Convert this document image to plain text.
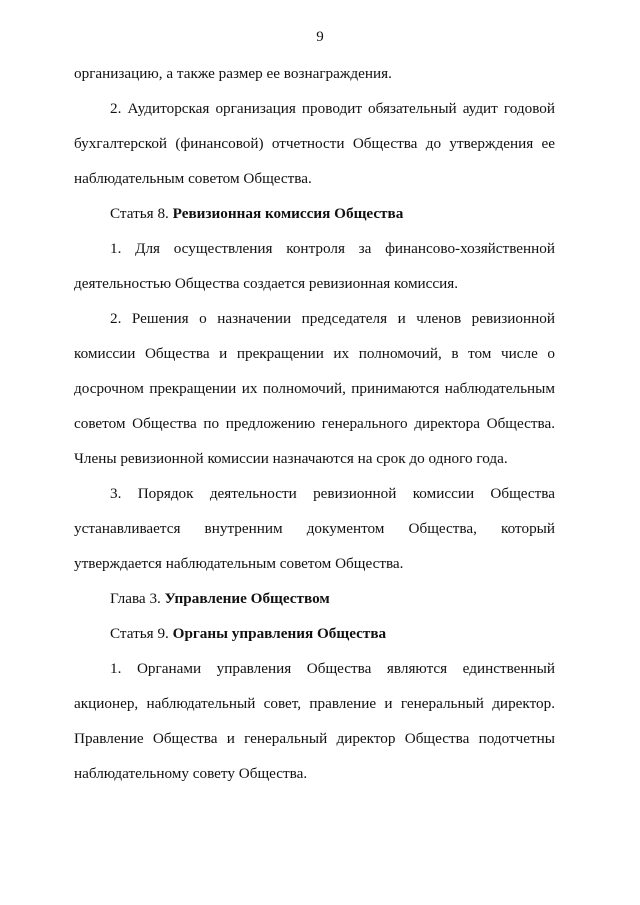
9

организацию, а также размер ее вознаграждения.

2. Аудиторская организация проводит обязательный аудит годовой

бухгалтерской (финансовой) отчетности Общества до утверждения ее

наблюдательным советом Общества.

Статья 8. Ревизионная комиссия Общества

1. Для осуществления контроля за финансово-хозяйственной

деятельностью Общества создается ревизионная комиссия.

2. Решения о назначении председателя и членов ревизионной

комиссии Общества и прекращении их полномочий, в том числе о

досрочном прекращении их полномочий, принимаются наблюдательным

советом Общества по предложению генерального директора Общества.

Члены ревизионной комиссии назначаются на срок до одного года.

3. Порядок деятельности ревизионной комиссии Общества

устанавливается внутренним документом Общества, который

утверждается наблюдательным советом Общества.

Глава 3. Управление Обществом

Статья 9. Органы управления Общества

1. Органами управления Общества являются единственный

акционер, наблюдательный совет, правление и генеральный директор.

Правление Общества и генеральный директор Общества подотчетны

наблюдательному совету Общества.
